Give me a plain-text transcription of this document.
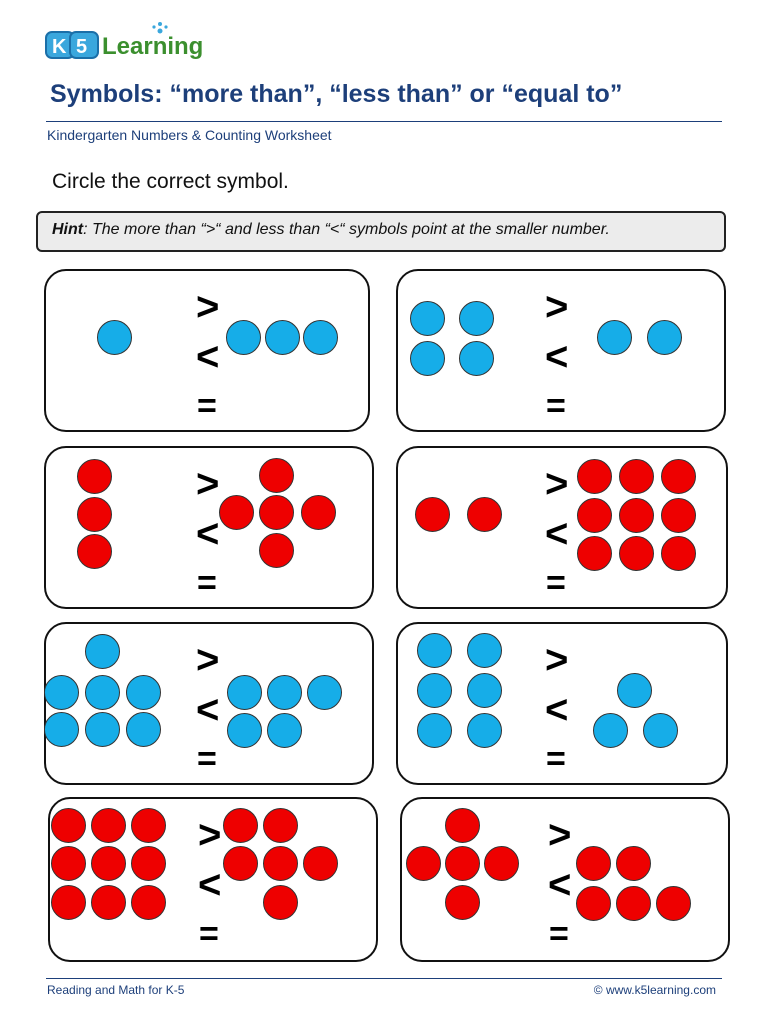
K 5 Learning
Symbols: “more than”, “less than” or “equal to”
Kindergarten Numbers & Counting Worksheet
Circle the correct symbol.
Hint: The more than “>“ and less than “<“ symbols point at the smaller number.
>
<
=
>
<
=
>
<
=
>
<
=
>
<
=
>
<
=
>
<
=
>
<
=
Reading and Math for K-5	© www.k5learning.com
